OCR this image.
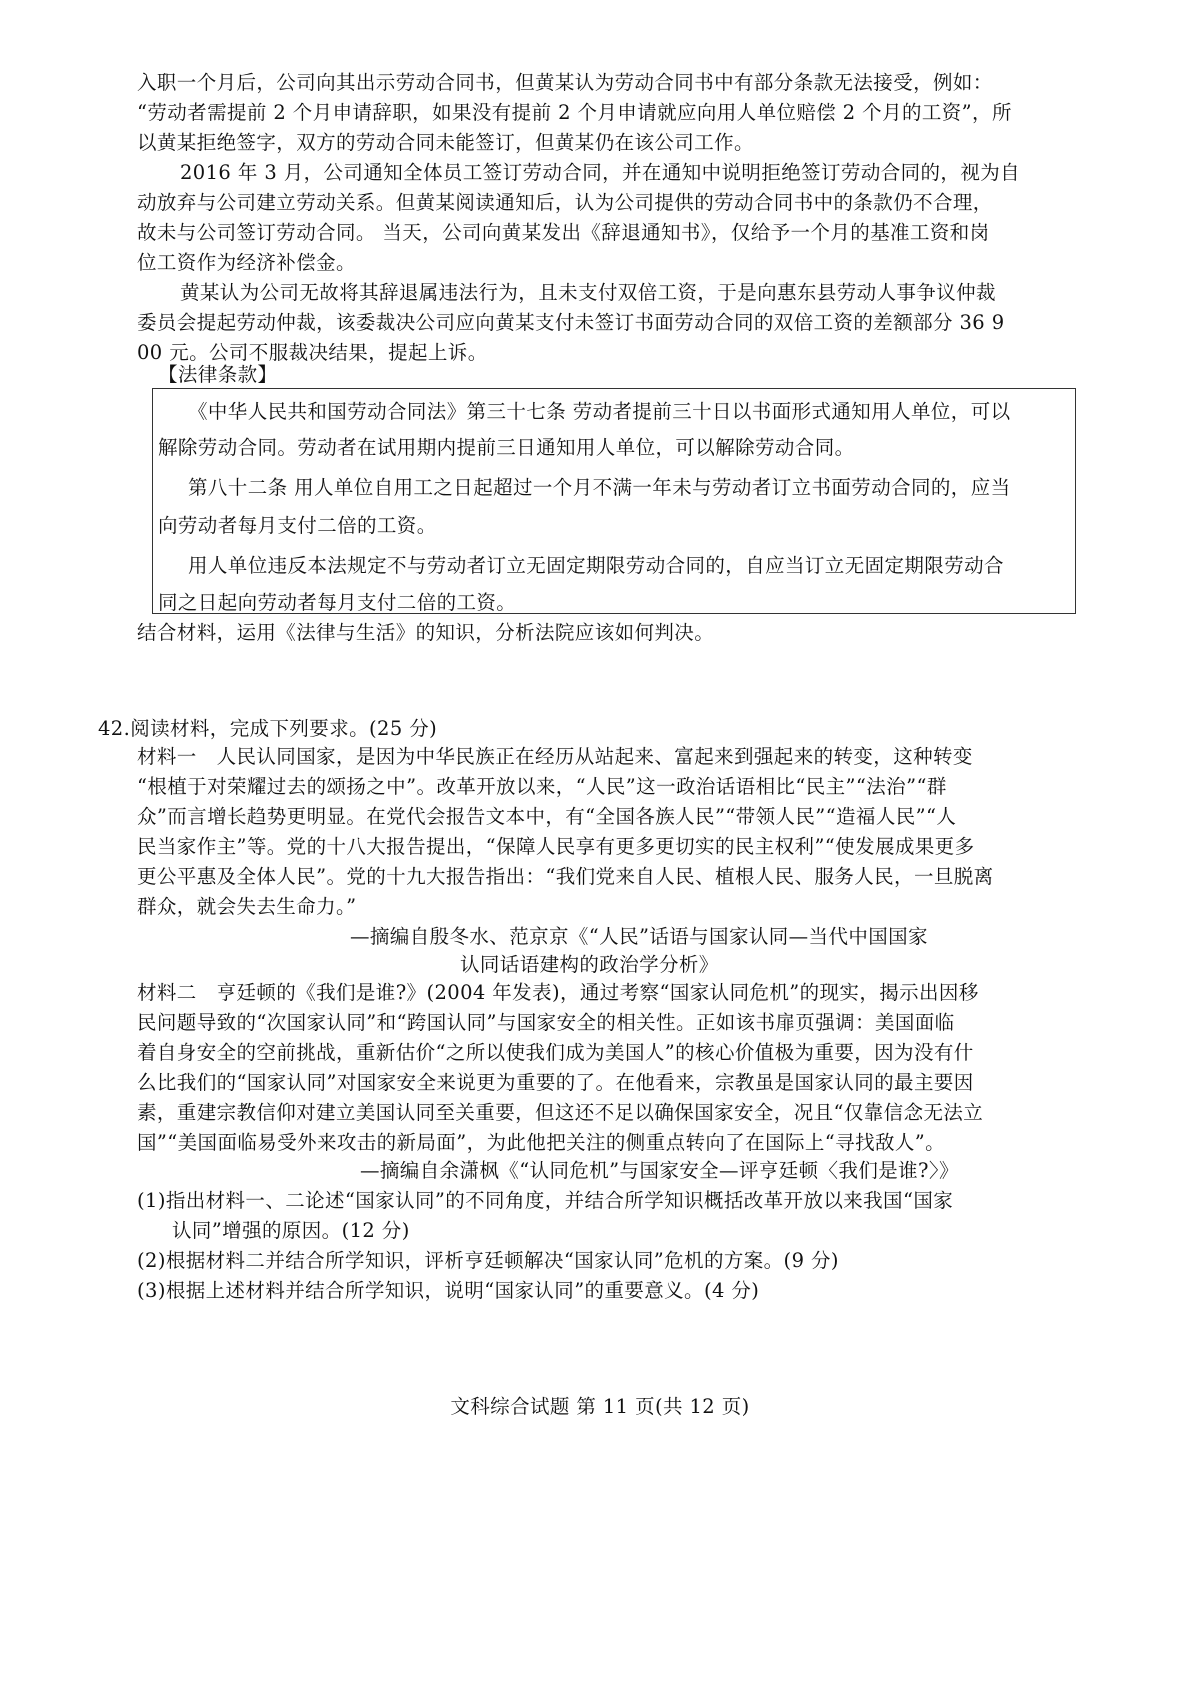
入职一个月后，公司向其出示劳动合同书，但黄某认为劳动合同书中有部分条款无法接受，例如：
“劳动者需提前 2 个月申请辞职，如果没有提前 2 个月申请就应向用人单位赔偿 2 个月的工资”，所
以黄某拒绝签字，双方的劳动合同未能签订，但黄某仍在该公司工作。
2016 年 3 月，公司通知全体员工签订劳动合同，并在通知中说明拒绝签订劳动合同的，视为自
动放弃与公司建立劳动关系。但黄某阅读通知后，认为公司提供的劳动合同书中的条款仍不合理，
故未与公司签订劳动合同。 当天，公司向黄某发出《辞退通知书》，仅给予一个月的基准工资和岗
位工资作为经济补偿金。
黄某认为公司无故将其辞退属违法行为，且未支付双倍工资，于是向惠东县劳动人事争议仲裁
委员会提起劳动仲裁，该委裁决公司应向黄某支付未签订书面劳动合同的双倍工资的差额部分 36 9
00 元。公司不服裁决结果，提起上诉。
【法律条款】
《中华人民共和国劳动合同法》第三十七条 劳动者提前三十日以书面形式通知用人单位，可以
解除劳动合同。劳动者在试用期内提前三日通知用人单位，可以解除劳动合同。
第八十二条 用人单位自用工之日起超过一个月不满一年未与劳动者订立书面劳动合同的，应当
向劳动者每月支付二倍的工资。
用人单位违反本法规定不与劳动者订立无固定期限劳动合同的，自应当订立无固定期限劳动合
同之日起向劳动者每月支付二倍的工资。
结合材料，运用《法律与生活》的知识，分析法院应该如何判决。
42.阅读材料，完成下列要求。(25 分)
材料一　人民认同国家，是因为中华民族正在经历从站起来、富起来到强起来的转变，这种转变
“根植于对荣耀过去的颂扬之中”。改革开放以来，“人民”这一政治话语相比“民主”“法治”“群
众”而言增长趋势更明显。在党代会报告文本中，有“全国各族人民”“带领人民”“造福人民”“人
民当家作主”等。党的十八大报告提出，“保障人民享有更多更切实的民主权利”“使发展成果更多
更公平惠及全体人民”。党的十九大报告指出：“我们党来自人民、植根人民、服务人民，一旦脱离
群众，就会失去生命力。”
—摘编自殷冬水、范京京《“人民”话语与国家认同—当代中国国家
认同话语建构的政治学分析》
材料二　亨廷顿的《我们是谁?》(2004 年发表)，通过考察“国家认同危机”的现实，揭示出因移
民问题导致的“次国家认同”和“跨国认同”与国家安全的相关性。正如该书扉页强调：美国面临
着自身安全的空前挑战，重新估价“之所以使我们成为美国人”的核心价值极为重要，因为没有什
么比我们的“国家认同”对国家安全来说更为重要的了。在他看来，宗教虽是国家认同的最主要因
素，重建宗教信仰对建立美国认同至关重要，但这还不足以确保国家安全，况且“仅靠信念无法立
国”“美国面临易受外来攻击的新局面”，为此他把关注的侧重点转向了在国际上“寻找敌人”。
—摘编自余潇枫《“认同危机”与国家安全—评亨廷顿〈我们是谁?〉》
(1)指出材料一、二论述“国家认同”的不同角度，并结合所学知识概括改革开放以来我国“国家
认同”增强的原因。(12 分)
(2)根据材料二并结合所学知识，评析亨廷顿解决“国家认同”危机的方案。(9 分)
(3)根据上述材料并结合所学知识，说明“国家认同”的重要意义。(4 分)
文科综合试题 第 11 页(共 12 页)
